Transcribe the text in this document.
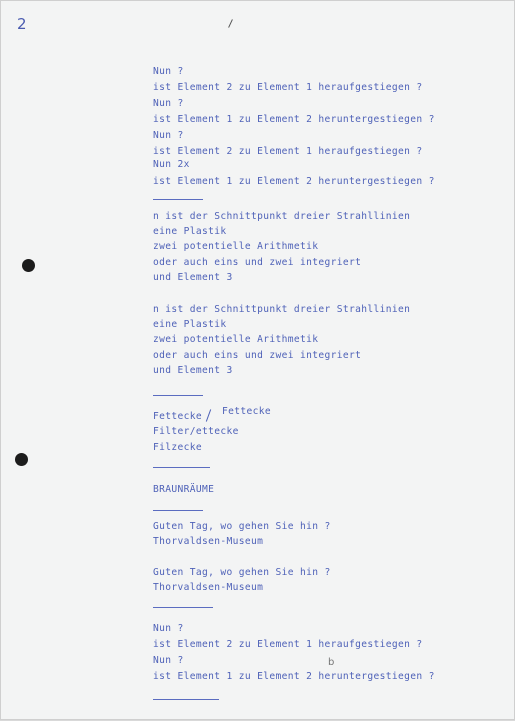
2
Nun ?
ist Element 2 zu Element 1 heraufgestiegen ?
Nun ?
ist Element 1 zu Element 2 heruntergestiegen ?
Nun ?
ist Element 2 zu Element 1 heraufgestiegen ?
Nun 2x
ist Element 1 zu Element 2 heruntergestiegen ?
n ist der Schnittpunkt dreier Strahllinien
eine Plastik
zwei potentielle Arithmetik
oder auch eins und zwei integriert
und Element 3
n ist der Schnittpunkt dreier Strahllinien
eine Plastik
zwei potentielle Arithmetik
oder auch eins und zwei integriert
und Element 3
Fettecke Fettecke
Filter/ettecke
Filzecke
BRAUNRÄUME
Guten Tag, wo gehen Sie hin ?
Thorvaldsen-Museum
Guten Tag, wo gehen Sie hin ?
Thorvaldsen-Museum
Nun ?
ist Element 2 zu Element 1 heraufgestiegen ?
Nun ?	b
ist Element 1 zu Element 2 heruntergestiegen ?
